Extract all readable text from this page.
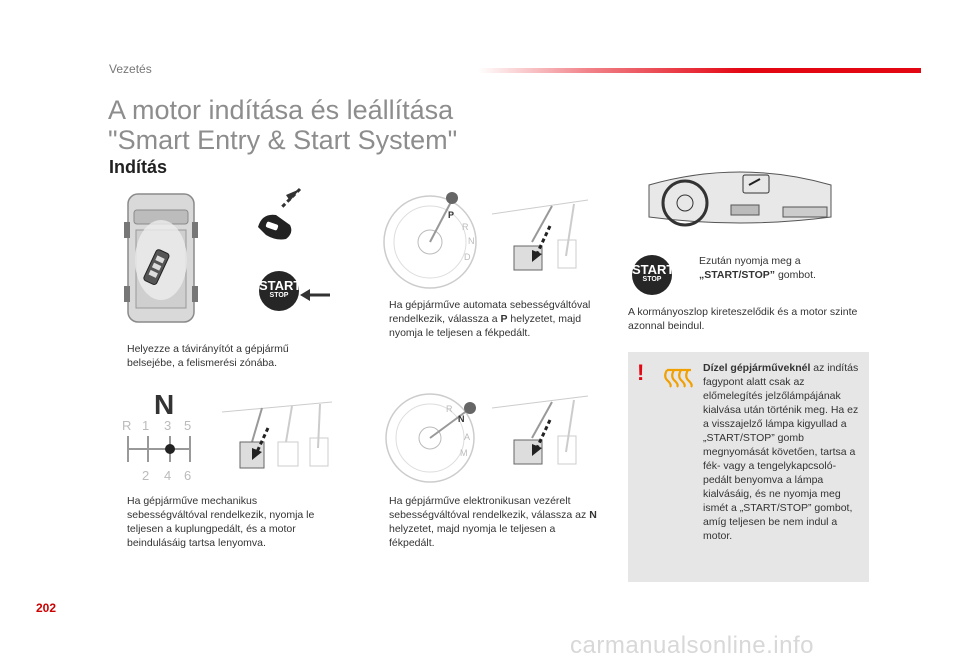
Vezetés
A motor indítása és leállítása
"Smart Entry & Start System"
Indítás
START
STOP
P
R
N
D
START
STOP
N
R 1 3 5
2 4 6
R
N
A
M
Helyezze a távirányítót a gépjármű belsejébe, a felismerési zónába.
Ha gépjárműve automata sebességváltóval rendelkezik, válassza a P helyzetet, majd nyomja le teljesen a fékpedált.
Ezután nyomja meg a „START/STOP” gombot.
A kormányoszlop kireteszelődik és a motor szinte azonnal beindul.
Ha gépjárműve mechanikus sebességváltóval rendelkezik, nyomja le teljesen a kuplungpedált, és a motor beindulásáig tartsa lenyomva.
Ha gépjárműve elektronikusan vezérelt sebességváltóval rendelkezik, válassza az N helyzetet, majd nyomja le teljesen a fékpedált.
!	Dízel gépjárműveknél az indítás fagypont alatt csak az előmelegítés jelzőlámpájának kialvása után történik meg. Ha ez a visszajelző lámpa kigyullad a „START/STOP” gomb megnyomását követően, tartsa a fék- vagy a tengelykapcsoló-pedált benyomva a lámpa kialvásáig, és ne nyomja meg ismét a „START/STOP” gombot, amíg teljesen be nem indul a motor.
202
carmanualsonline.info
